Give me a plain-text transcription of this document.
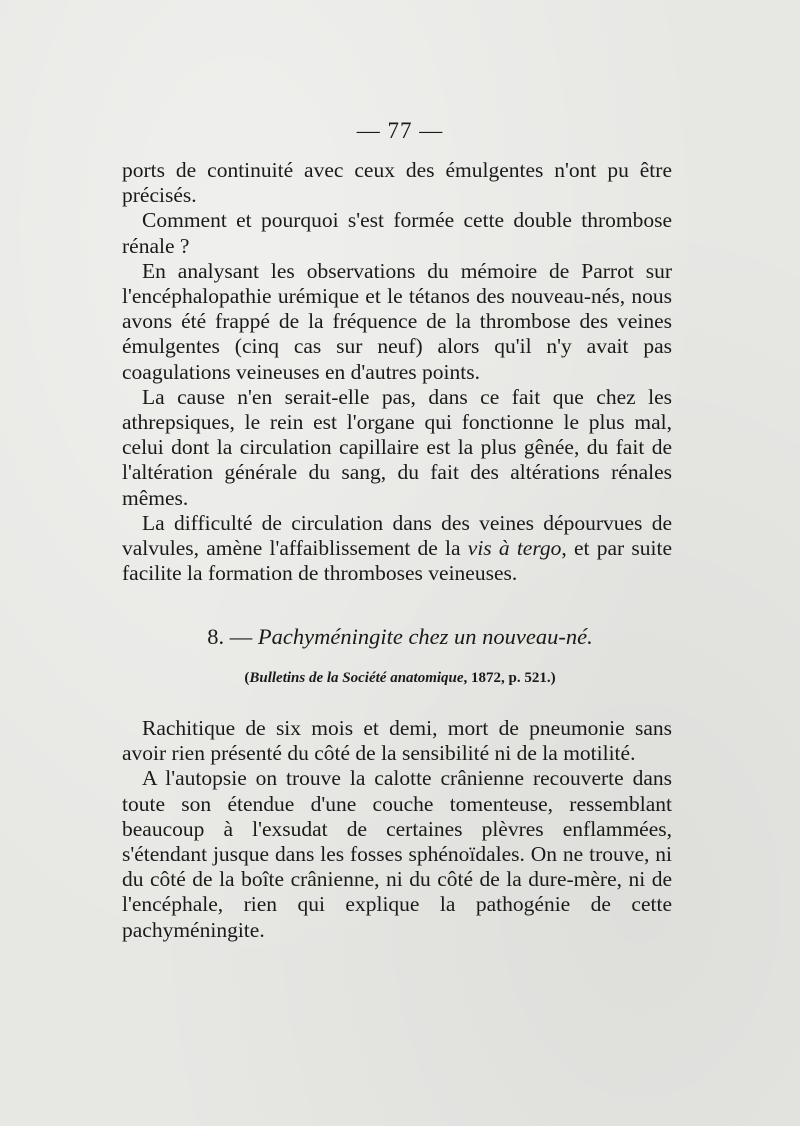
— 77 —

ports de continuité avec ceux des émulgentes n'ont pu être précisés.

Comment et pourquoi s'est formée cette double thrombose rénale ?

En analysant les observations du mémoire de Parrot sur l'encéphalopathie urémique et le tétanos des nouveau-nés, nous avons été frappé de la fréquence de la thrombose des veines émulgentes (cinq cas sur neuf) alors qu'il n'y avait pas coagulations veineuses en d'autres points.

La cause n'en serait-elle pas, dans ce fait que chez les athrepsiques, le rein est l'organe qui fonctionne le plus mal, celui dont la circulation capillaire est la plus gênée, du fait de l'altération générale du sang, du fait des altérations rénales mêmes.

La difficulté de circulation dans des veines dépourvues de valvules, amène l'affaiblissement de la vis à tergo, et par suite facilite la formation de thromboses veineuses.

8. — Pachyméningite chez un nouveau-né.
(Bulletins de la Société anatomique, 1872, p. 521.)

Rachitique de six mois et demi, mort de pneumonie sans avoir rien présenté du côté de la sensibilité ni de la motilité.

A l'autopsie on trouve la calotte crânienne recouverte dans toute son étendue d'une couche tomenteuse, ressemblant beaucoup à l'exsudat de certaines plèvres enflammées, s'étendant jusque dans les fosses sphénoïdales. On ne trouve, ni du côté de la boîte crânienne, ni du côté de la dure-mère, ni de l'encéphale, rien qui explique la pathogénie de cette pachyméningite.
